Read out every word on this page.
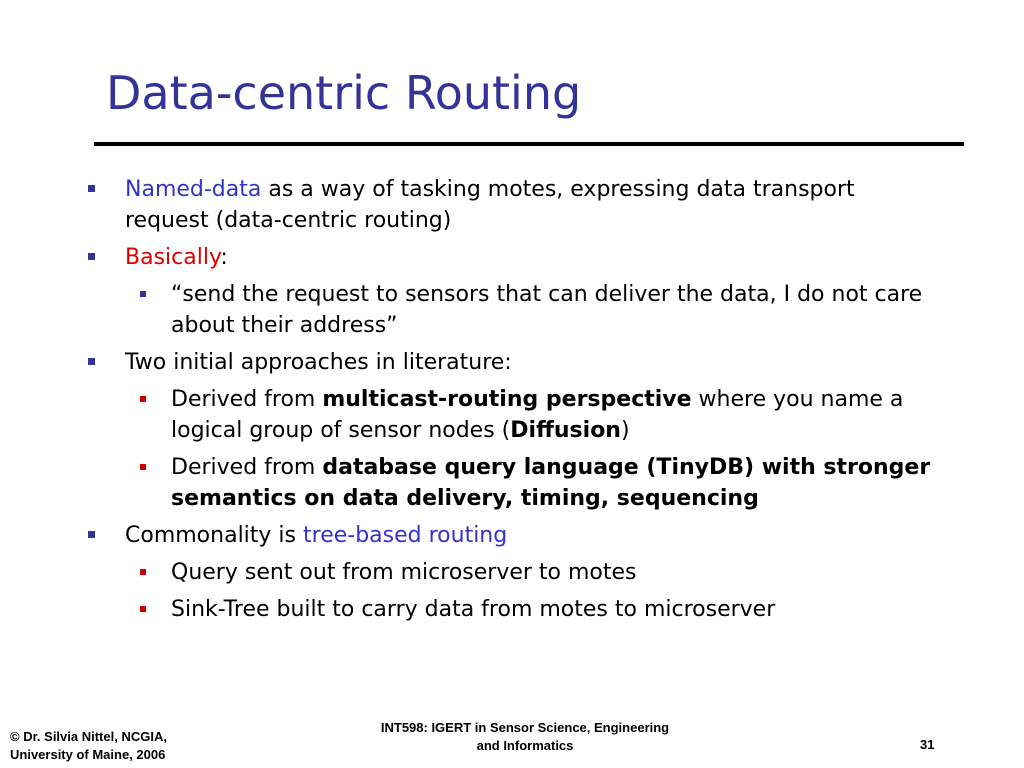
Data-centric Routing
Named-data as a way of tasking motes, expressing data transport request (data-centric routing)
Basically:
“send the request to sensors that can deliver the data, I do not care about their address”
Two initial approaches in literature:
Derived from multicast-routing perspective where you name a logical group of sensor nodes (Diffusion)
Derived from database query language (TinyDB) with stronger semantics on data delivery, timing, sequencing
Commonality is tree-based routing
Query sent out from microserver to motes
Sink-Tree built to carry data from motes to microserver
© Dr. Silvia Nittel, NCGIA,
University of Maine, 2006
INT598: IGERT in Sensor Science, Engineering
and Informatics	31
